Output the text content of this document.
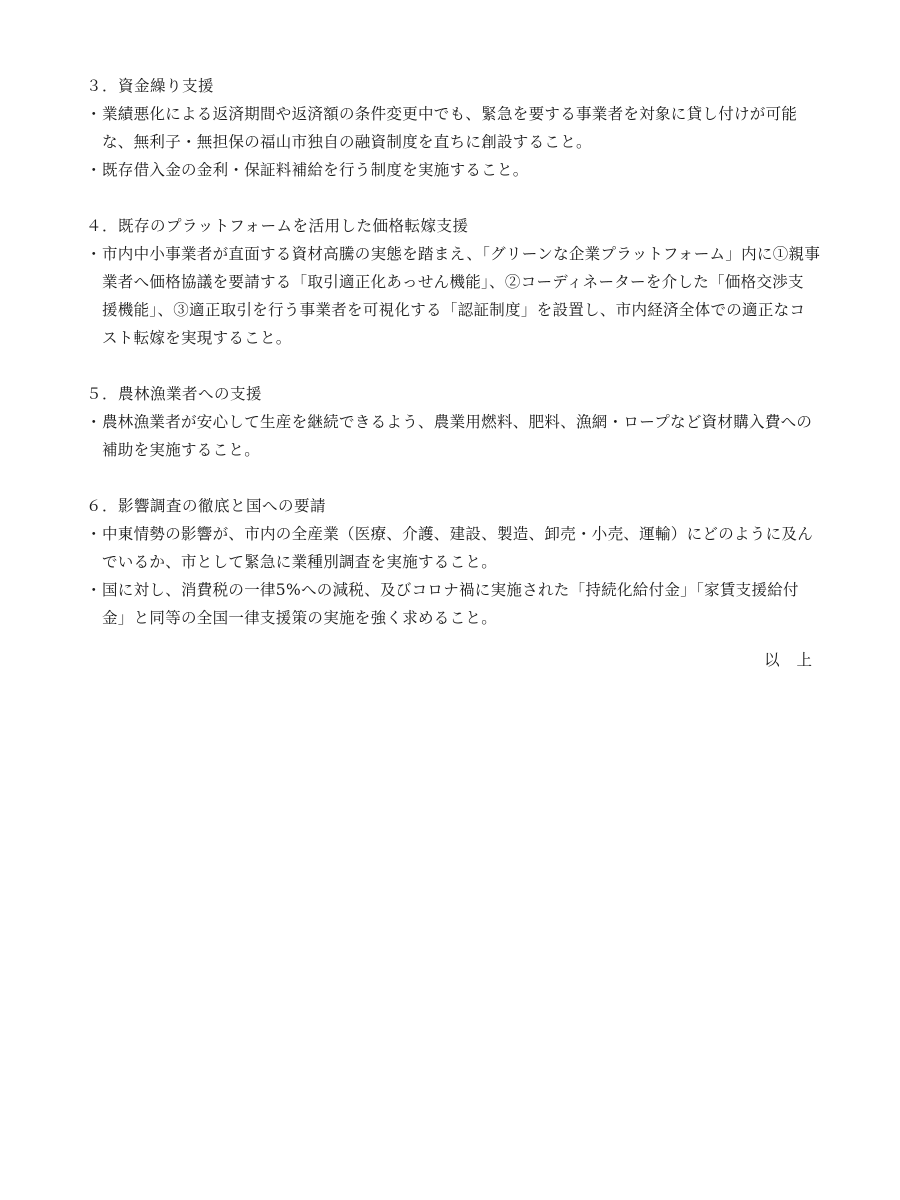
３．資金繰り支援
・ 業績悪化による返済期間や返済額の条件変更中でも、緊急を要する事業者を対象に貸し付けが可能
な、無利子・無担保の福山市独自の融資制度を直ちに創設すること。
・ 既存借入金の金利・保証料補給を行う制度を実施すること。
４．既存のプラットフォームを活用した価格転嫁支援
・ 市内中小事業者が直面する資材高騰の実態を踏まえ、「グリーンな企業プラットフォーム」内に①親事
業者へ価格協議を要請する「取引適正化あっせん機能」、②コーディネーターを介した「価格交渉支
援機能」、③適正取引を行う事業者を可視化する「認証制度」を設置し、市内経済全体での適正なコ
スト転嫁を実現すること。
５．農林漁業者への支援
・ 農林漁業者が安心して生産を継続できるよう、農業用燃料、肥料、漁網・ロープなど資材購入費への
補助を実施すること。
６．影響調査の徹底と国への要請
・ 中東情勢の影響が、市内の全産業（医療、介護、建設、製造、卸売・小売、運輸）にどのように及ん
でいるか、市として緊急に業種別調査を実施すること。
・ 国に対し、消費税の一律5%への減税、及びコロナ禍に実施された「持続化給付金」「家賃支援給付
金」と同等の全国一律支援策の実施を強く求めること。
以 上
